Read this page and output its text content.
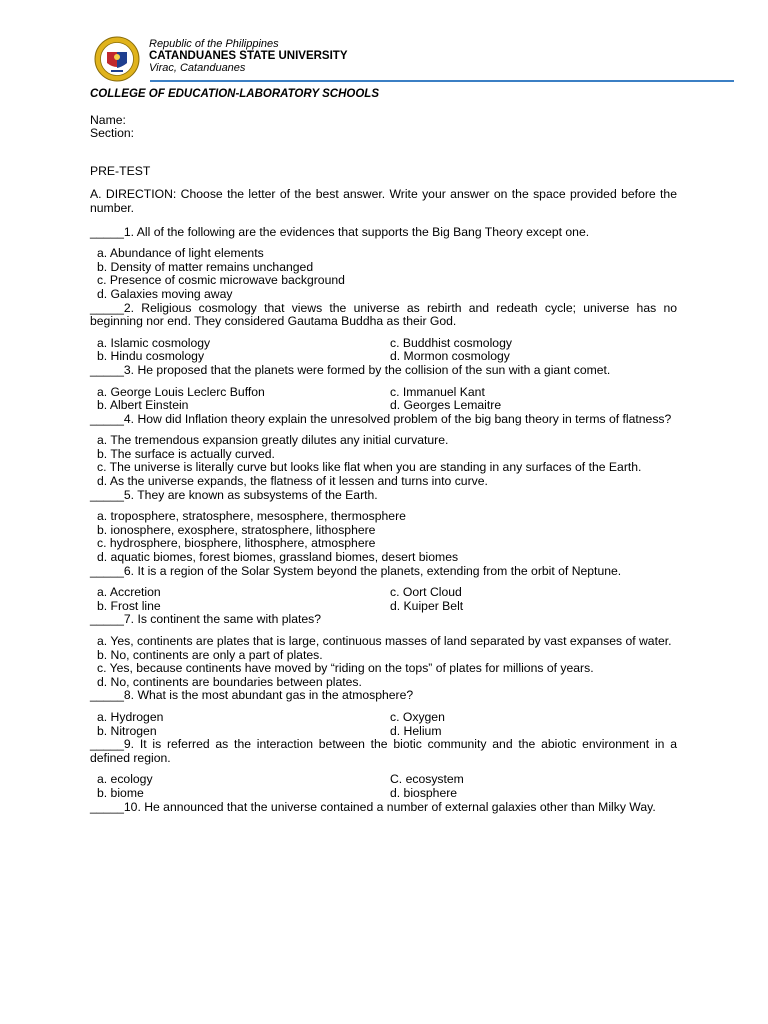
Republic of the Philippines
CATANDUANES STATE UNIVERSITY
Virac, Catanduanes

COLLEGE OF EDUCATION-LABORATORY SCHOOLS

Name:

Section:

PRE-TEST

A. DIRECTION: Choose the letter of the best answer. Write your answer on the space provided before the number.

_____1. All of the following are the evidences that supports the Big Bang Theory except one.

a. Abundance of light elements

b. Density of matter remains unchanged

c. Presence of cosmic microwave background

d. Galaxies moving away

_____2. Religious cosmology that views the universe as rebirth and redeath cycle; universe has no beginning nor end. They considered Gautama Buddha as their God.

a. Islamic cosmology	c. Buddhist cosmology

b. Hindu cosmology	d. Mormon cosmology

_____3. He proposed that the planets were formed by the collision of the sun with a giant comet.

a. George Louis Leclerc Buffon	c. Immanuel Kant

b. Albert Einstein	d. Georges Lemaitre

_____4. How did Inflation theory explain the unresolved problem of the big bang theory in terms of flatness?

a. The tremendous expansion greatly dilutes any initial curvature.

b. The surface is actually curved.

c. The universe is literally curve but looks like flat when you are standing in any surfaces of the Earth.

d. As the universe expands, the flatness of it lessen and turns into curve.

_____5. They are known as subsystems of the Earth.

a. troposphere, stratosphere, mesosphere, thermosphere

b. ionosphere, exosphere, stratosphere, lithosphere

c. hydrosphere, biosphere, lithosphere, atmosphere

d. aquatic biomes, forest biomes, grassland biomes, desert biomes

_____6. It is a region of the Solar System beyond the planets, extending from the orbit of Neptune.

a. Accretion	c. Oort Cloud

b. Frost line	d. Kuiper Belt

_____7. Is continent the same with plates?

a. Yes, continents are plates that is large, continuous masses of land separated by vast expanses of water.

b. No, continents are only a part of plates.

c. Yes, because continents have moved by “riding on the tops” of plates for millions of years.

d. No, continents are boundaries between plates.

_____8. What is the most abundant gas in the atmosphere?

a. Hydrogen	c. Oxygen

b. Nitrogen	d. Helium

_____9. It is referred as the interaction between the biotic community and the abiotic environment in a defined region.

a. ecology	C. ecosystem

b. biome	d. biosphere

_____10. He announced that the universe contained a number of external galaxies other than Milky Way.
